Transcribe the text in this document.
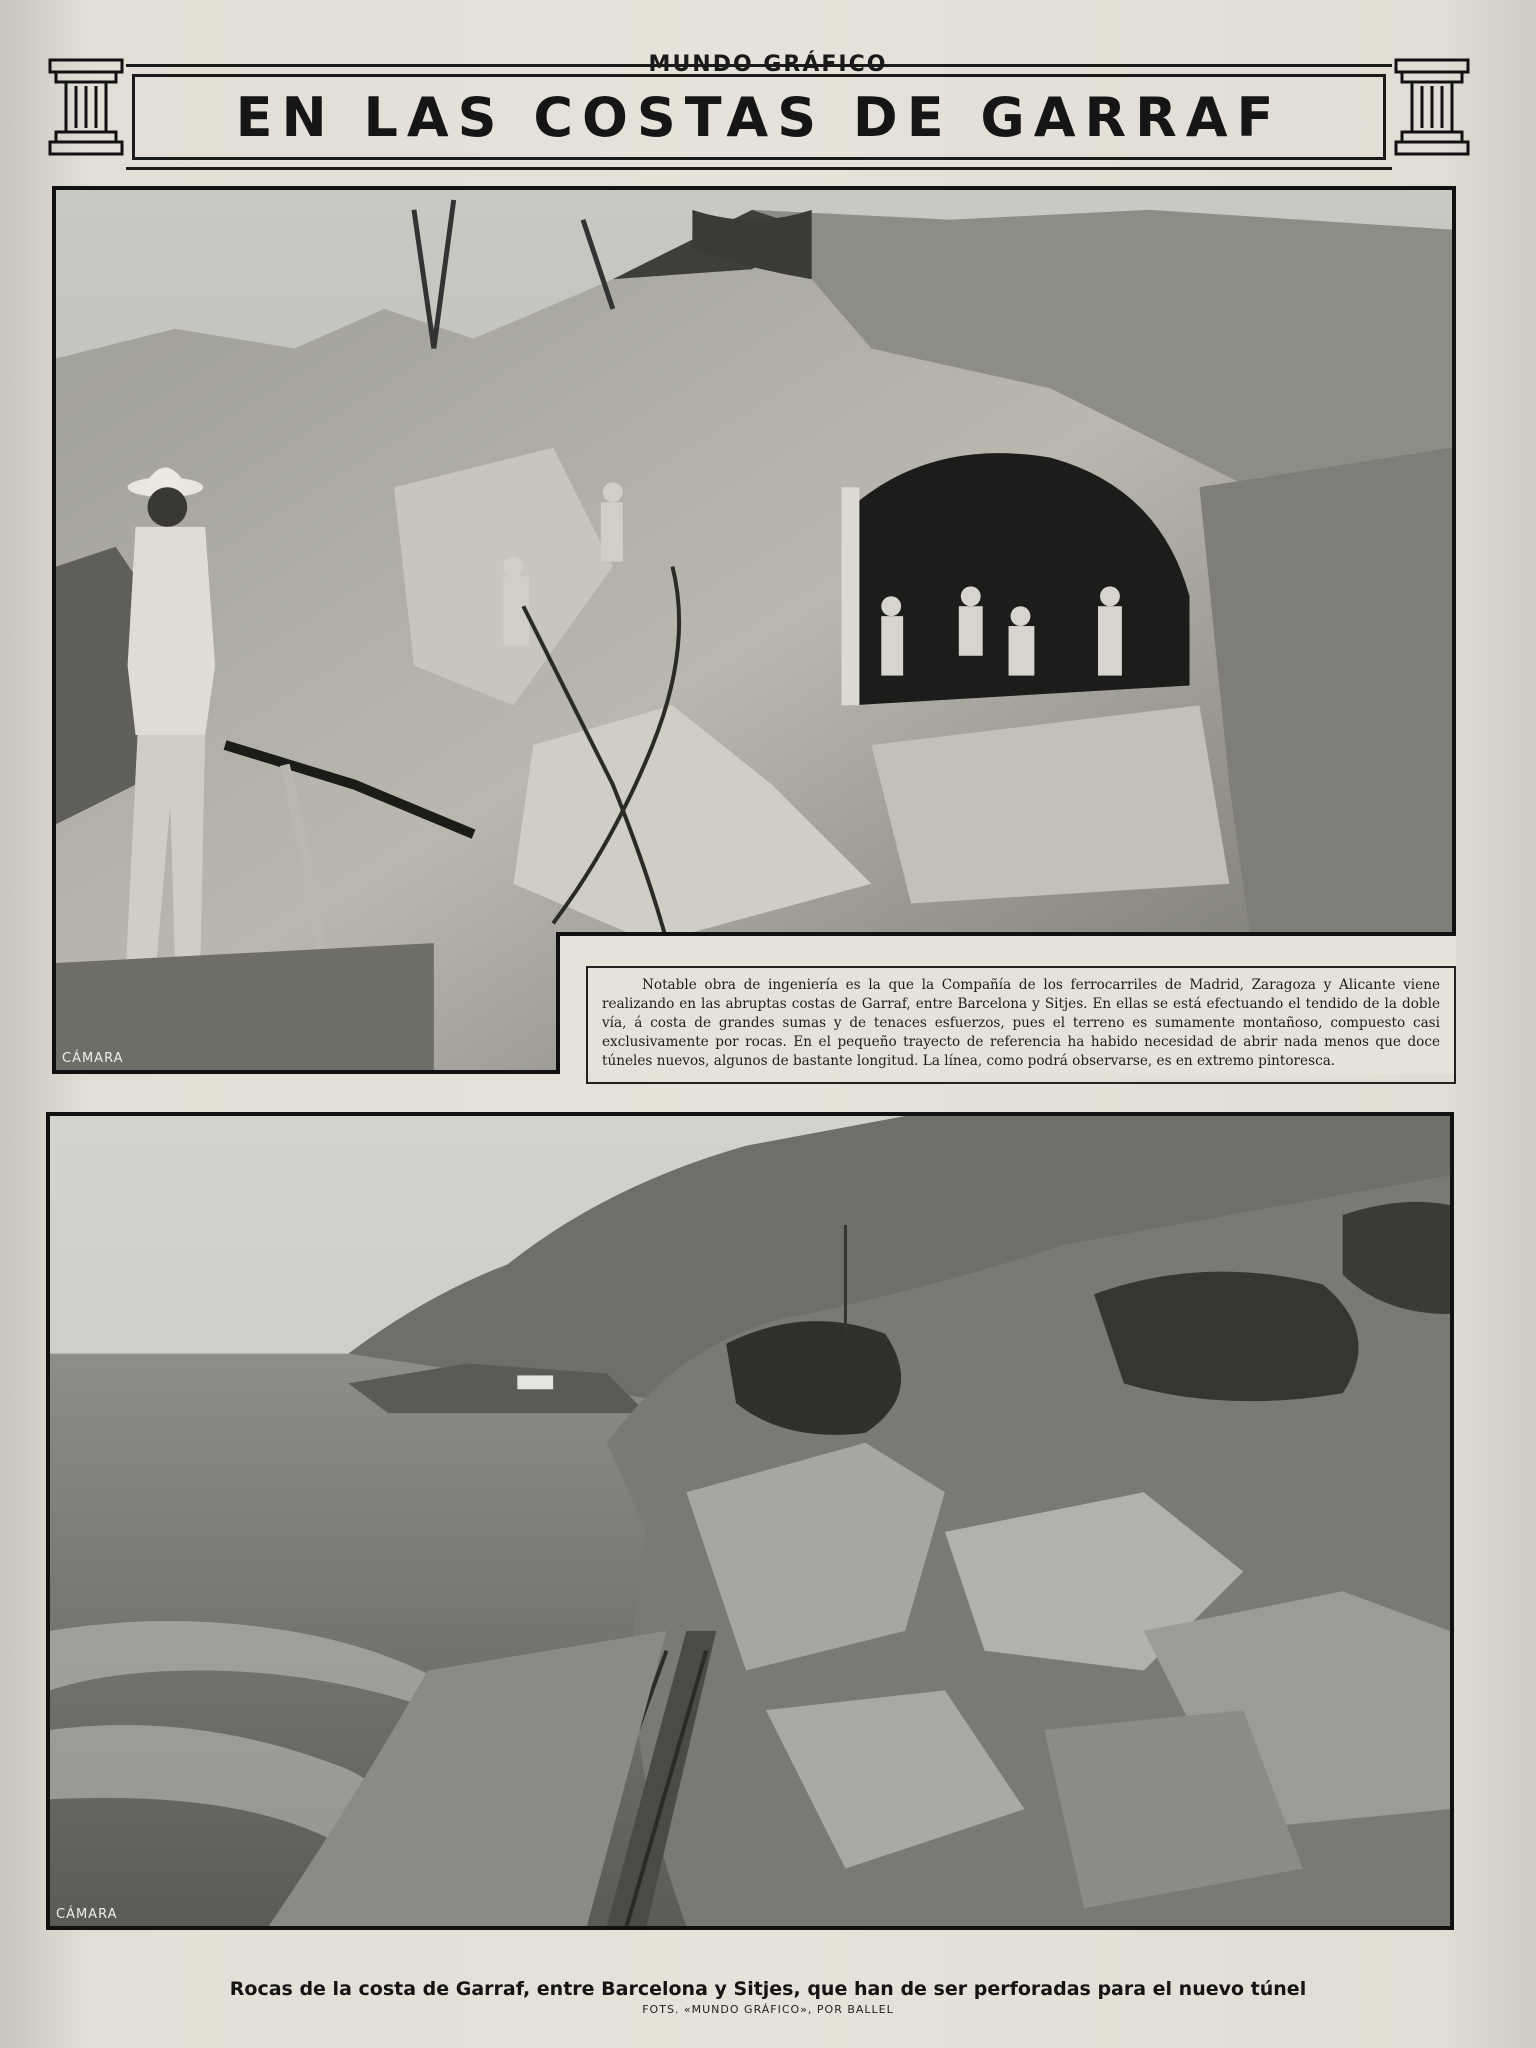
MUNDO GRÁFICO
EN LAS COSTAS DE GARRAF
CÁMARA
Notable obra de ingeniería es la que la Compañía de los ferrocarriles de Madrid, Zaragoza y Alicante viene realizando en las abruptas costas de Garraf, entre Barcelona y Sitjes. En ellas se está efectuando el tendido de la doble vía, á costa de grandes sumas y de tenaces esfuerzos, pues el terreno es sumamente montañoso, compuesto casi exclusivamente por rocas. En el pequeño trayecto de referencia ha habido necesidad de abrir nada menos que doce túneles nuevos, algunos de bastante longitud. La línea, como podrá observarse, es en extremo pintoresca.
CÁMARA
Rocas de la costa de Garraf, entre Barcelona y Sitjes, que han de ser perforadas para el nuevo túnel
FOTS. «MUNDO GRÁFICO», POR BALLEL
